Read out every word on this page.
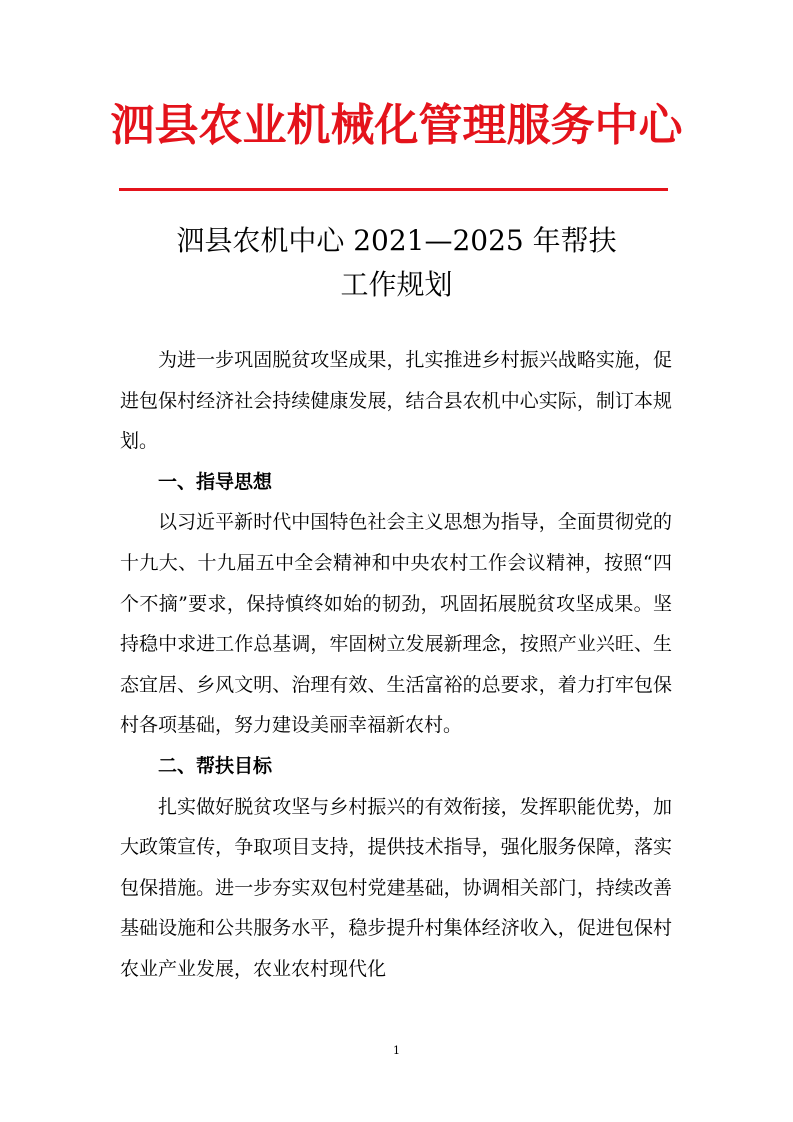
泗县农业机械化管理服务中心
泗县农机中心 2021—2025 年帮扶
工作规划

为进一步巩固脱贫攻坚成果，扎实推进乡村振兴战略实施，促进包保村经济社会持续健康发展，结合县农机中心实际，制订本规划。

一、指导思想

以习近平新时代中国特色社会主义思想为指导，全面贯彻党的十九大、十九届五中全会精神和中央农村工作会议精神，按照“四个不摘”要求，保持慎终如始的韧劲，巩固拓展脱贫攻坚成果。坚持稳中求进工作总基调，牢固树立发展新理念，按照产业兴旺、生态宜居、乡风文明、治理有效、生活富裕的总要求，着力打牢包保村各项基础，努力建设美丽幸福新农村。

二、帮扶目标

扎实做好脱贫攻坚与乡村振兴的有效衔接，发挥职能优势，加大政策宣传，争取项目支持，提供技术指导，强化服务保障，落实包保措施。进一步夯实双包村党建基础，协调相关部门，持续改善基础设施和公共服务水平，稳步提升村集体经济收入，促进包保村农业产业发展，农业农村现代化

1
